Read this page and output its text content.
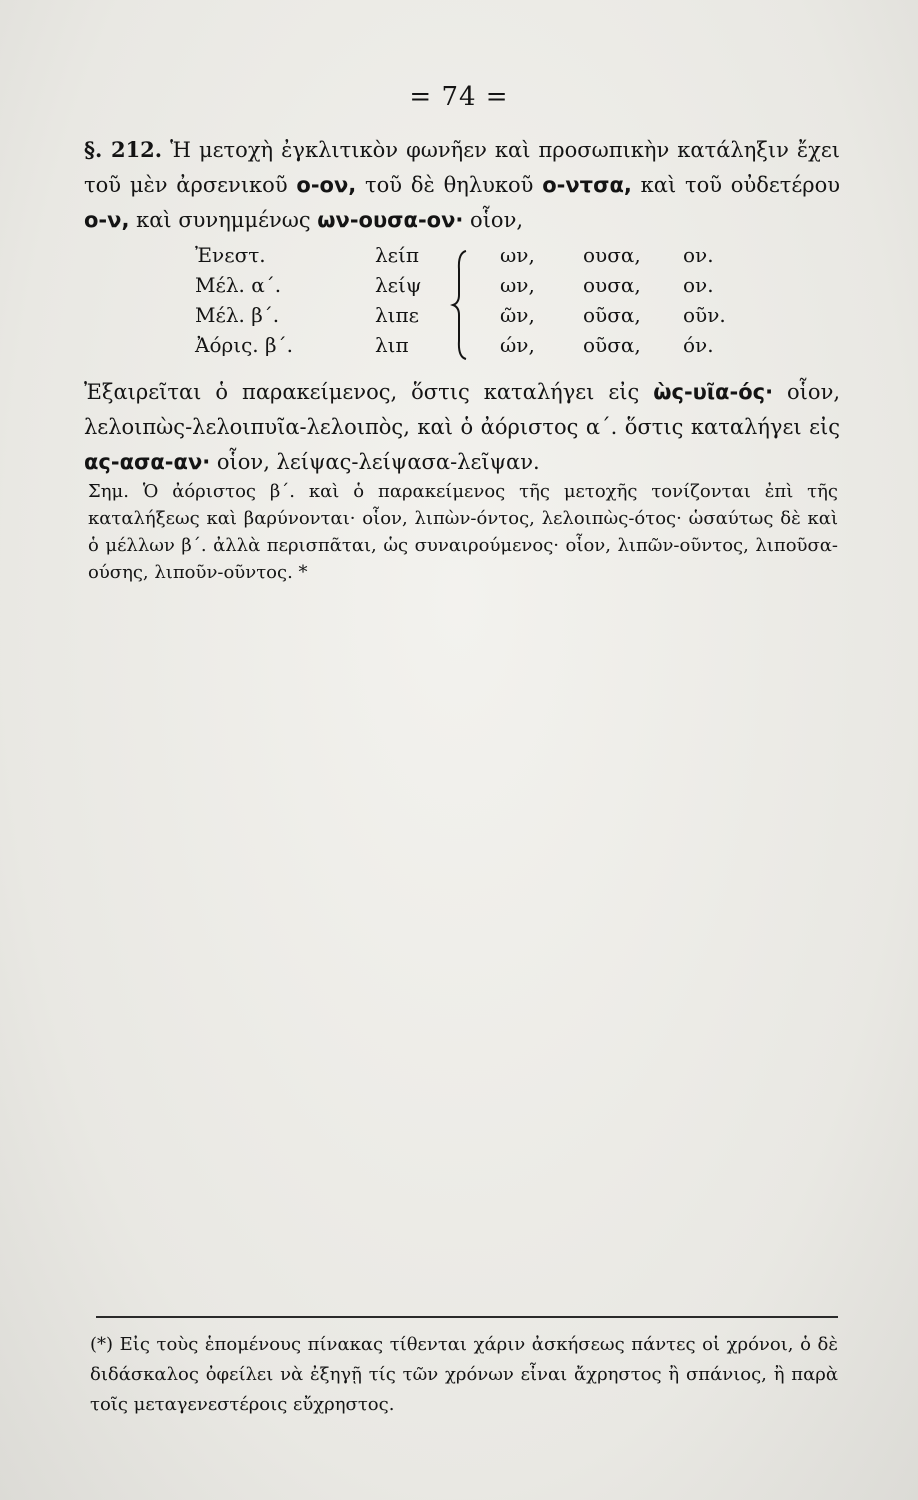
= 74 =
§. 212. Ἡ μετοχὴ ἐγκλιτικὸν φωνῆεν καὶ προσωπικὴν κατάληξιν ἔχει τοῦ μὲν ἀρσενικοῦ ο-ον, τοῦ δὲ θηλυκοῦ ο-ντσα, καὶ τοῦ οὐδετέρου ο-ν, καὶ συνημμένως ων-ουσα-ον· οἷον,
Ἐνεστ.	λείπ	ων, ουσα, ον.
Μέλ. α΄.	λείψ	ων, ουσα, ον.
Μέλ. β΄.	λιπε	ῶν, οῦσα, οῦν.
Ἀόρις. β΄.	λιπ	ών, οῦσα, όν.
Ἐξαιρεῖται ὁ παρακείμενος, ὅστις καταλήγει εἰς ὼς-υῖα-ός· οἷον, λελοιπὼς-λελοιπυῖα-λελοιπὸς, καὶ ὁ ἀόριστος α΄. ὅστις καταλήγει εἰς ας-ασα-αν· οἷον, λείψας-λείψασα-λεῖψαν.
Σημ. Ὁ ἀόριστος β΄. καὶ ὁ παρακείμενος τῆς μετοχῆς τονίζονται ἐπὶ τῆς καταλήξεως καὶ βαρύνονται· οἷον, λιπὼν-όντος, λελοιπὼς-ότος· ὡσαύτως δὲ καὶ ὁ μέλλων β΄. ἀλλὰ περισπᾶται, ὡς συναιρούμενος· οἷον, λιπῶν-οῦντος, λιποῦσα-ούσης, λιποῦν-οῦντος. *
(*) Εἰς τοὺς ἑπομένους πίνακας τίθενται χάριν ἀσκήσεως πάντες οἱ χρόνοι, ὁ δὲ διδάσκαλος ὀφείλει νὰ ἐξηγῇ τίς τῶν χρόνων εἶναι ἄχρηστος ἢ σπάνιος, ἢ παρὰ τοῖς μεταγενεστέροις εὔχρηστος.
